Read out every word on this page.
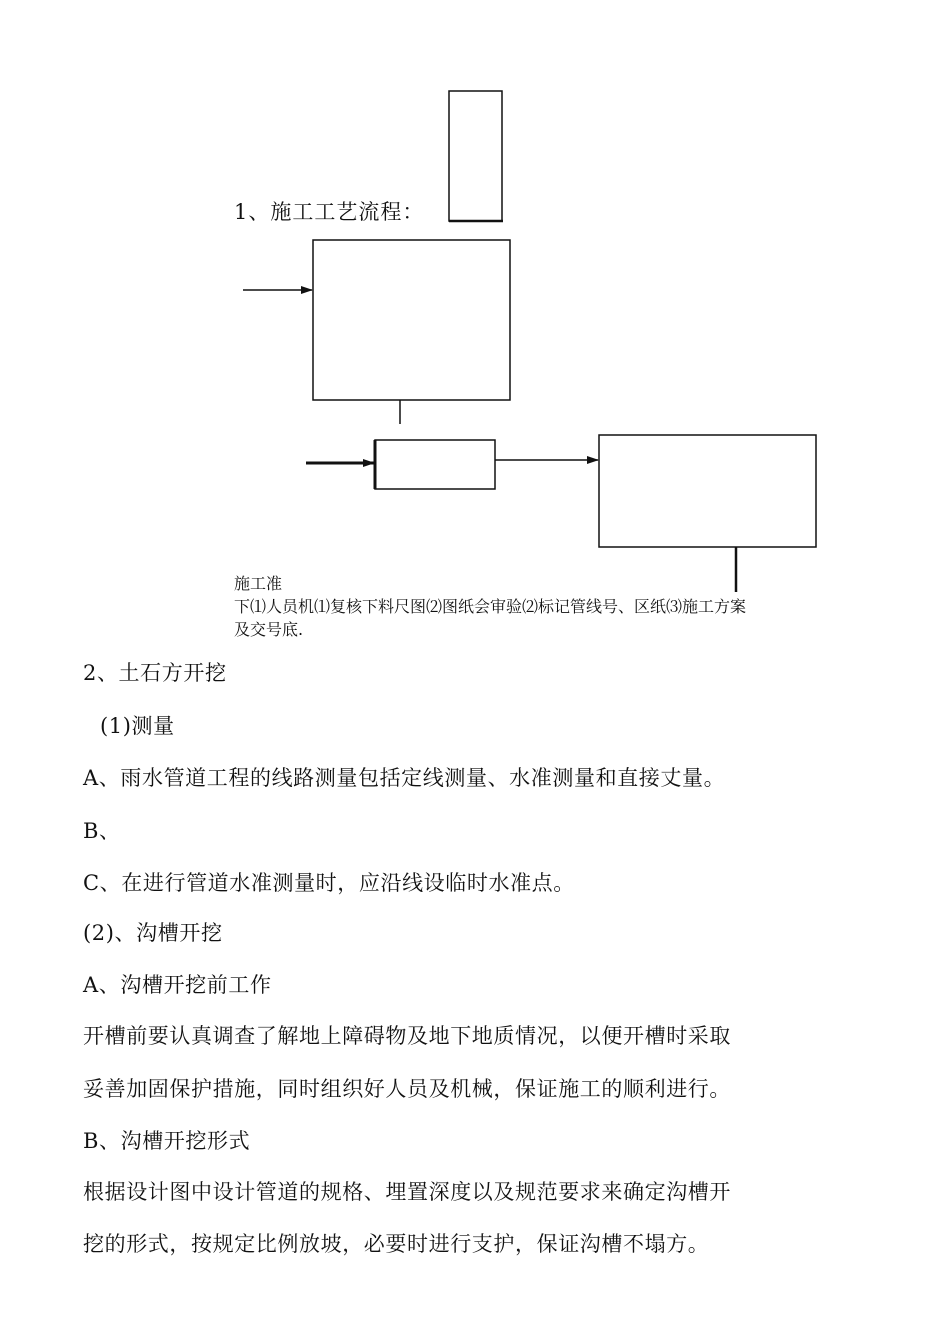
1、施工工艺流程：
施工准
下⑴人员机⑴复核下料尺图⑵图纸会审验⑵标记管线号、区纸⑶施工方案
及交号底.
2、土石方开挖
(1)测量
A、雨水管道工程的线路测量包括定线测量、水准测量和直接丈量。
B、
C、在进行管道水准测量时，应沿线设临时水准点。
(2)、沟槽开挖
A、沟槽开挖前工作
开槽前要认真调查了解地上障碍物及地下地质情况，以便开槽时采取
妥善加固保护措施，同时组织好人员及机械，保证施工的顺利进行。
B、沟槽开挖形式
根据设计图中设计管道的规格、埋置深度以及规范要求来确定沟槽开
挖的形式，按规定比例放坡，必要时进行支护，保证沟槽不塌方。
